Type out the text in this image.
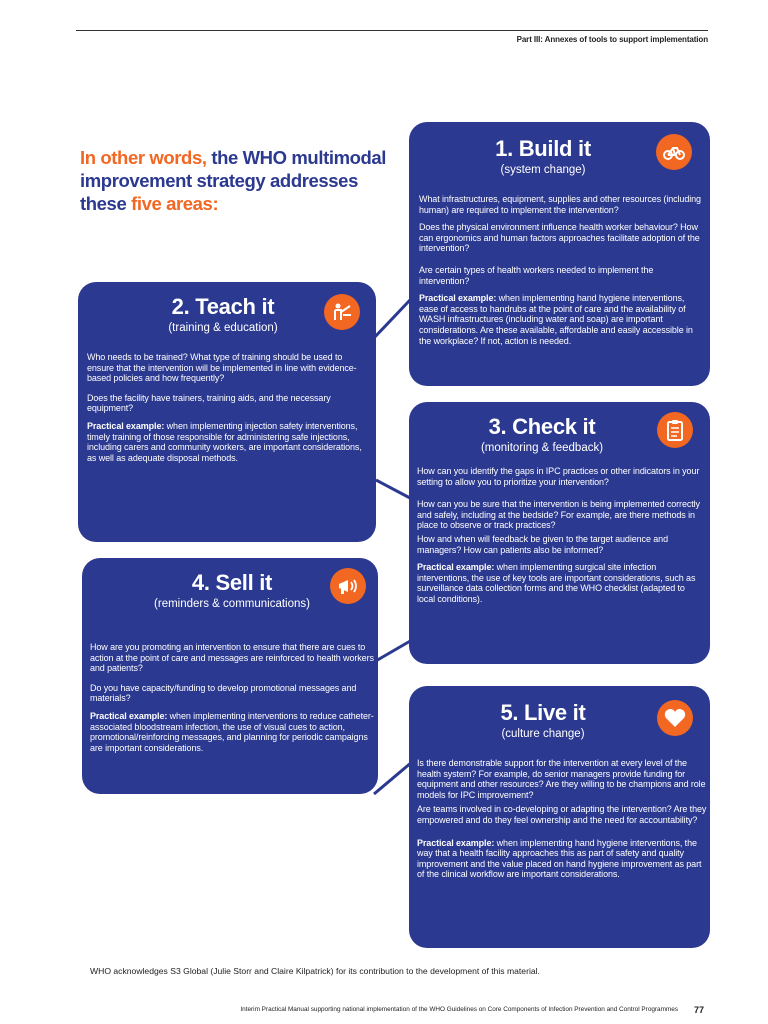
Part III: Annexes of tools to support implementation
In other words, the WHO multimodal improvement strategy addresses these five areas:
1. Build it
(system change)

What infrastructures, equipment, supplies and other resources (including human) are required to implement the intervention?

Does the physical environment influence health worker behaviour? How can ergonomics and human factors approaches facilitate adoption of the intervention?

Are certain types of health workers needed to implement the intervention?

Practical example: when implementing hand hygiene interventions, ease of access to handrubs at the point of care and the availability of WASH infrastructures (including water and soap) are important considerations. Are these available, affordable and easily accessible in the workplace? If not, action is needed.

2. Teach it
(training & education)

Who needs to be trained? What type of training should be used to ensure that the intervention will be implemented in line with evidence-based policies and how frequently?

Does the facility have trainers, training aids, and the necessary equipment?

Practical example: when implementing injection safety interventions, timely training of those responsible for administering safe injections, including carers and community workers, are important considerations, as well as adequate disposal methods.

3. Check it
(monitoring & feedback)

How can you identify the gaps in IPC practices or other indicators in your setting to allow you to prioritize your intervention?

How can you be sure that the intervention is being implemented correctly and safely, including at the bedside? For example, are there methods in place to observe or track practices?

How and when will feedback be given to the target audience and managers? How can patients also be informed?

Practical example: when implementing surgical site infection interventions, the use of key tools are important considerations, such as surveillance data collection forms and the WHO checklist (adapted to local conditions).

4. Sell it
(reminders & communications)

How are you promoting an intervention to ensure that there are cues to action at the point of care and messages are reinforced to health workers and patients?

Do you have capacity/funding to develop promotional messages and materials?

Practical example: when implementing interventions to reduce catheter-associated bloodstream infection, the use of visual cues to action, promotional/reinforcing messages, and planning for periodic campaigns are important considerations.

5. Live it
(culture change)

Is there demonstrable support for the intervention at every level of the health system? For example, do senior managers provide funding for equipment and other resources? Are they willing to be champions and role models for IPC improvement?

Are teams involved in co-developing or adapting the intervention? Are they empowered and do they feel ownership and the need for accountability?

Practical example: when implementing hand hygiene interventions, the way that a health facility approaches this as part of safety and quality improvement and the value placed on hand hygiene improvement as part of the clinical workflow are important considerations.

WHO acknowledges S3 Global (Julie Storr and Claire Kilpatrick) for its contribution to the development of this material.
Interim Practical Manual supporting national implementation of the WHO Guidelines on Core Components of Infection Prevention and Control Programmes 77
